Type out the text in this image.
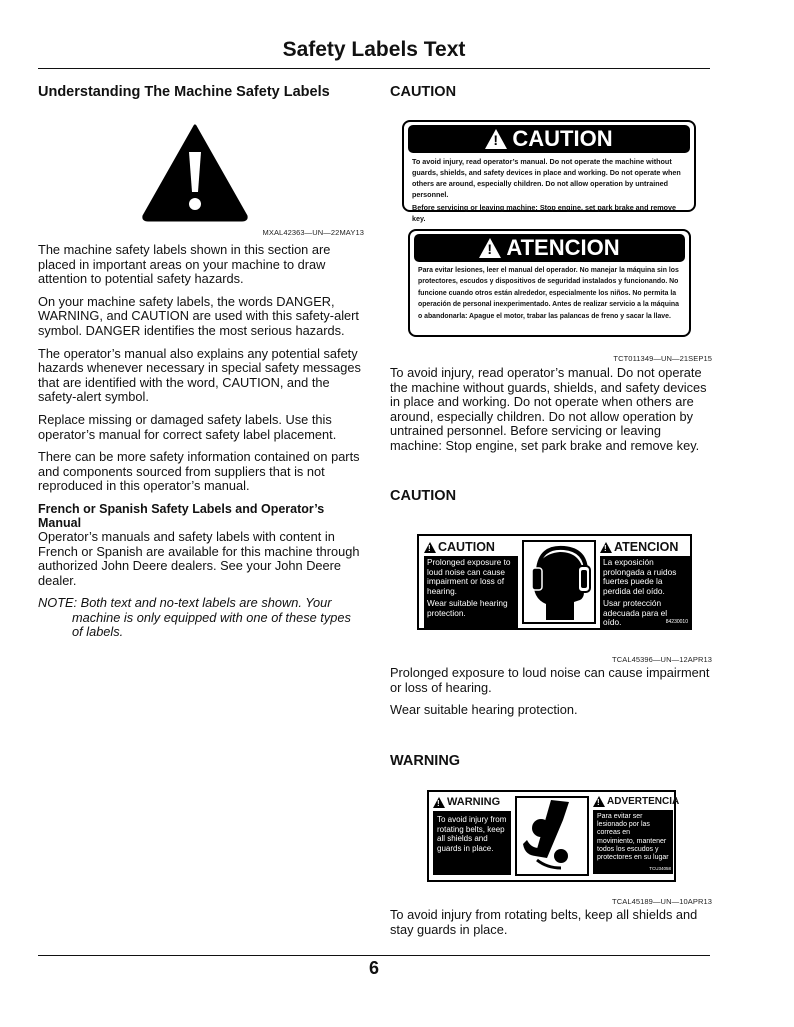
Safety Labels Text
Understanding The Machine Safety Labels
MXAL42363—UN—22MAY13

The machine safety labels shown in this section are placed in important areas on your machine to draw attention to potential safety hazards.

On your machine safety labels, the words DANGER, WARNING, and CAUTION are used with this safety-alert symbol. DANGER identifies the most serious hazards.

The operator’s manual also explains any potential safety hazards whenever necessary in special safety messages that are identified with the word, CAUTION, and the safety-alert symbol.

Replace missing or damaged safety labels. Use this operator’s manual for correct safety label placement.

There can be more safety information contained on parts and components sourced from suppliers that is not reproduced in this operator’s manual.

French or Spanish Safety Labels and Operator’s Manual

Operator’s manuals and safety labels with content in French or Spanish are available for this machine through authorized John Deere dealers. See your John Deere dealer.

NOTE: Both text and no-text labels are shown. Your machine is only equipped with one of these types of labels.

CAUTION
!
CAUTION
To avoid injury, read operator’s manual. Do not operate the machine without guards, shields, and safety devices in place and working. Do not operate when others are around, especially children. Do not allow operation by untrained personnel.
Before servicing or leaving machine: Stop engine, set park brake and remove key.
!
ATENCION
Para evitar lesiones, leer el manual del operador. No manejar la máquina sin los protectores, escudos y dispositivos de seguridad instalados y funcionando. No funcione cuando otros están alrededor, especialmente los niños. No permita la operación de personal inexperimentado. Antes de realizar servicio a la máquina o abandonarla: Apague el motor, trabar las palancas de freno y sacar la llave.
TCT011349—UN—21SEP15

To avoid injury, read operator’s manual. Do not operate the machine without guards, shields, and safety devices in place and working. Do not operate when others are around, especially children. Do not allow operation by untrained personnel. Before servicing or leaving machine: Stop engine, set park brake and remove key.

CAUTION
!
CAUTION
Prolonged exposure to loud noise can cause impairment or loss of hearing.
Wear suitable hearing protection.
!
ATENCION
La exposición prolongada a ruidos fuertes puede la perdida del oído.
Usar protección adecuada para el oído.	84230010
TCAL45396—UN—12APR13

Prolonged exposure to loud noise can cause impairment or loss of hearing.

Wear suitable hearing protection.

WARNING
!
WARNING
To avoid injury from rotating belts, keep all shields and guards in place.
!
ADVERTENCIA
Para evitar ser lesionado por las correas en movimiento, mantener todos los escudos y protectores en su lugar
TCU34058
TCAL45189—UN—10APR13

To avoid injury from rotating belts, keep all shields and stay guards in place.

6
